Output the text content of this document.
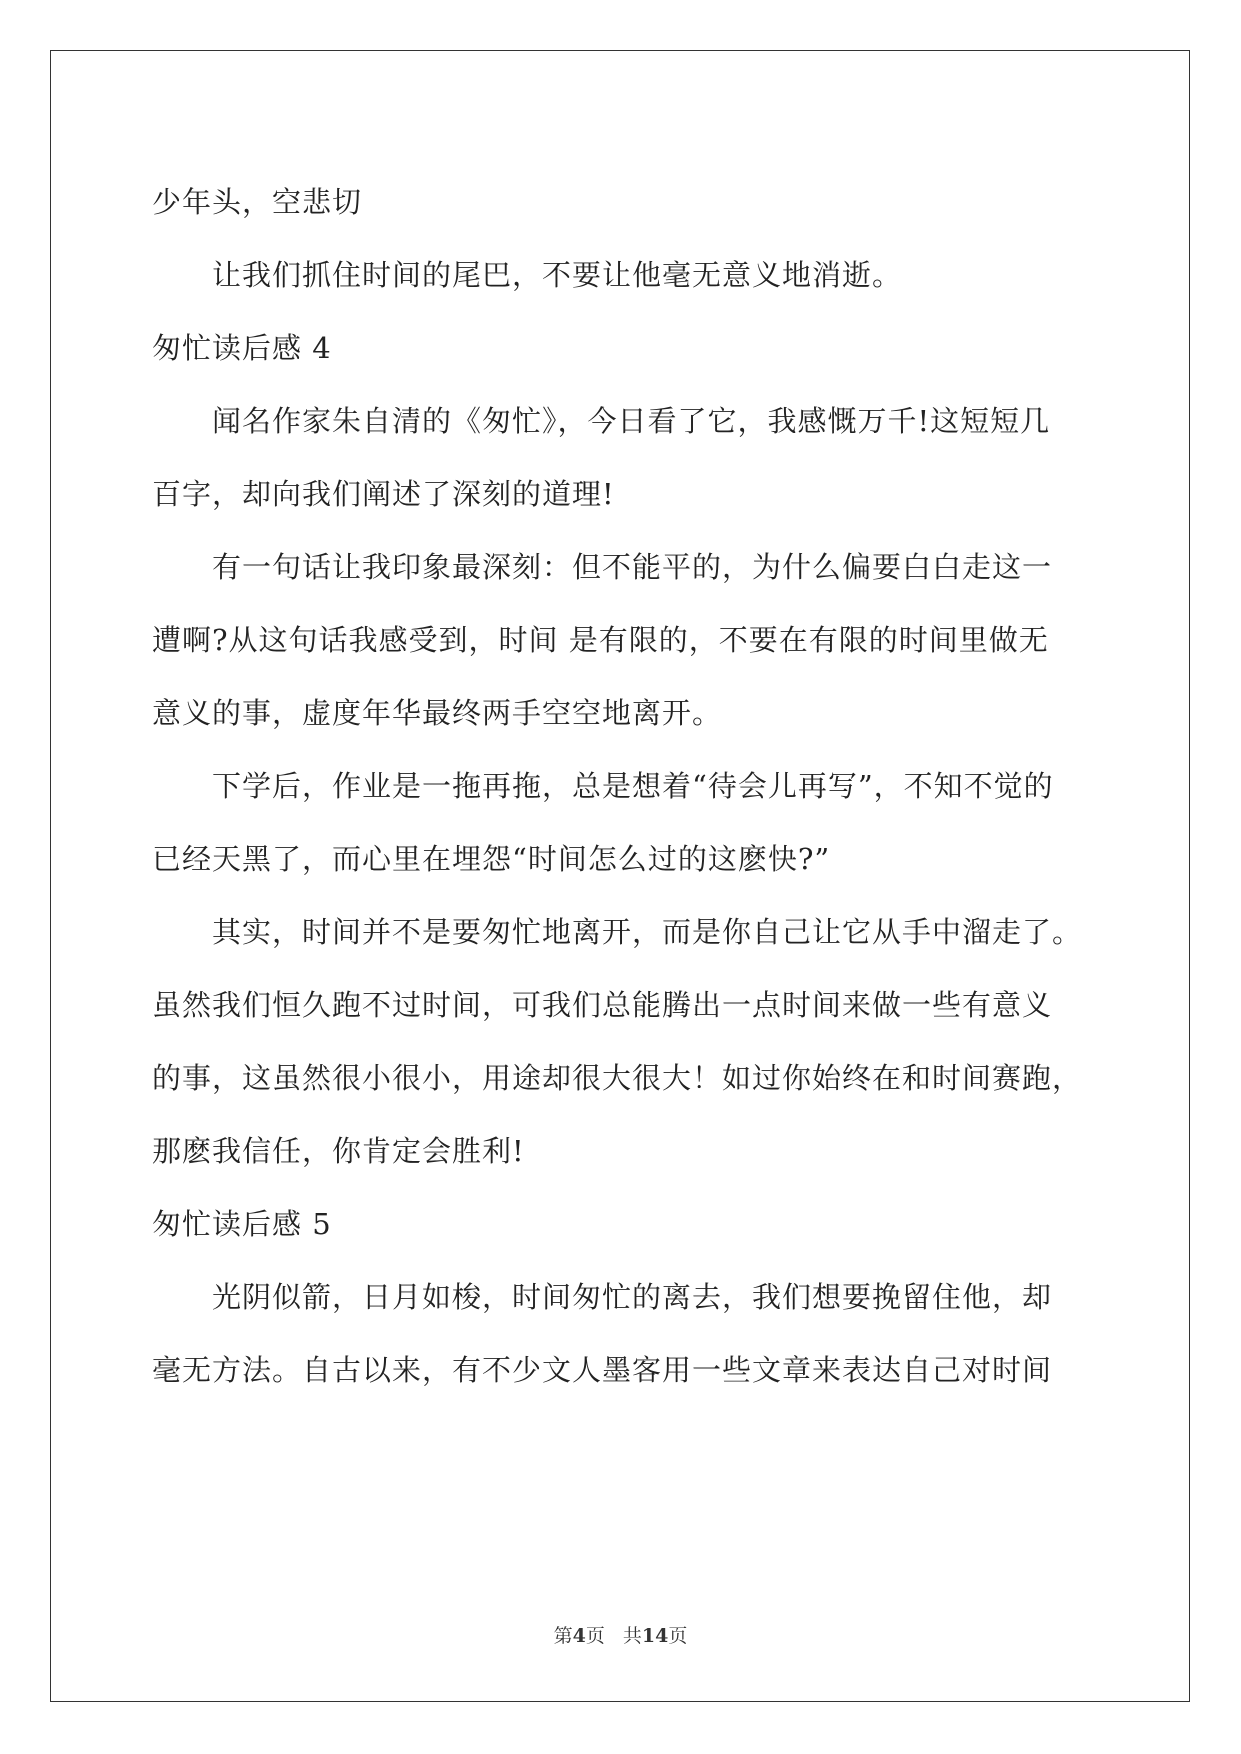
少年头，空悲切
让我们抓住时间的尾巴，不要让他毫无意义地消逝。
匆忙读后感 4
闻名作家朱自清的《匆忙》，今日看了它，我感慨万千!这短短几
百字，却向我们阐述了深刻的道理!
有一句话让我印象最深刻：但不能平的，为什么偏要白白走这一
遭啊?从这句话我感受到，时间 是有限的，不要在有限的时间里做无
意义的事，虚度年华最终两手空空地离开。
下学后，作业是一拖再拖，总是想着“待会儿再写”，不知不觉的
已经天黑了，而心里在埋怨“时间怎么过的这麽快?”
其实，时间并不是要匆忙地离开，而是你自己让它从手中溜走了。
虽然我们恒久跑不过时间，可我们总能腾出一点时间来做一些有意义
的事，这虽然很小很小，用途却很大很大！如过你始终在和时间赛跑，
那麽我信任，你肯定会胜利!
匆忙读后感 5
光阴似箭，日月如梭，时间匆忙的离去，我们想要挽留住他，却
毫无方法。自古以来，有不少文人墨客用一些文章来表达自己对时间
第4页 共14页
